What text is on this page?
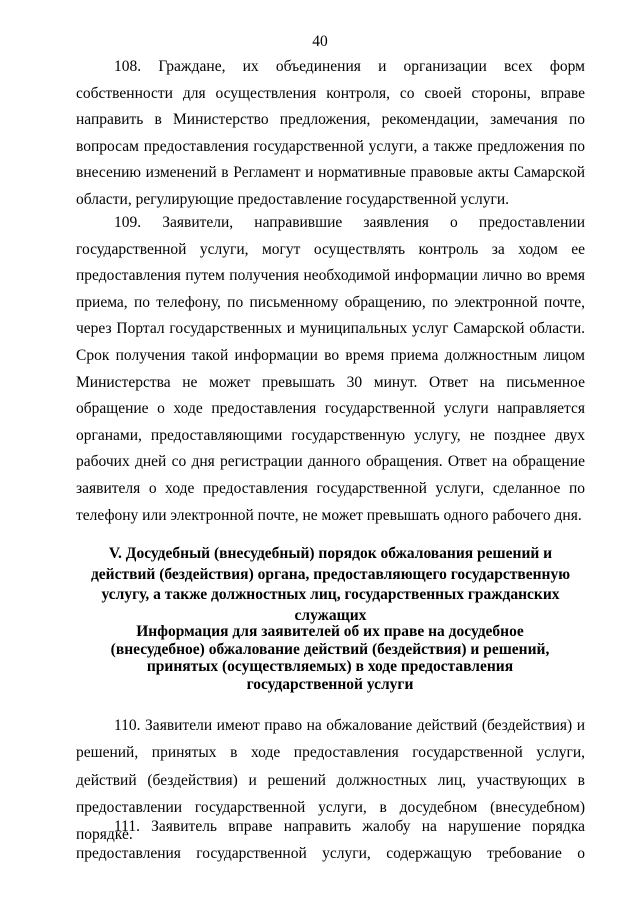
40

108. Граждане, их объединения и организации всех форм собственности для осуществления контроля, со своей стороны, вправе направить в Министерство предложения, рекомендации, замечания по вопросам предоставления государственной услуги, а также предложения по внесению изменений в Регламент и нормативные правовые акты Самарской области, регулирующие предоставление государственной услуги.

109. Заявители, направившие заявления о предоставлении государственной услуги, могут осуществлять контроль за ходом ее предоставления путем получения необходимой информации лично во время приема, по телефону, по письменному обращению, по электронной почте, через Портал государственных и муниципальных услуг Самарской области. Срок получения такой информации во время приема должностным лицом Министерства не может превышать 30 минут. Ответ на письменное обращение о ходе предоставления государственной услуги направляется органами, предоставляющими государственную услугу, не позднее двух рабочих дней со дня регистрации данного обращения. Ответ на обращение заявителя о ходе предоставления государственной услуги, сделанное по телефону или электронной почте, не может превышать одного рабочего дня.

V. Досудебный (внесудебный) порядок обжалования решений и действий (бездействия) органа, предоставляющего государственную услугу, а также должностных лиц, государственных гражданских служащих
Информация для заявителей об их праве на досудебное (внесудебное) обжалование действий (бездействия) и решений, принятых (осуществляемых) в ходе предоставления государственной услуги

110. Заявители имеют право на обжалование действий (бездействия) и решений, принятых в ходе предоставления государственной услуги, действий (бездействия) и решений должностных лиц, участвующих в предоставлении государственной услуги, в досудебном (внесудебном) порядке.

111. Заявитель вправе направить жалобу на нарушение порядка предоставления государственной услуги, содержащую требование о
